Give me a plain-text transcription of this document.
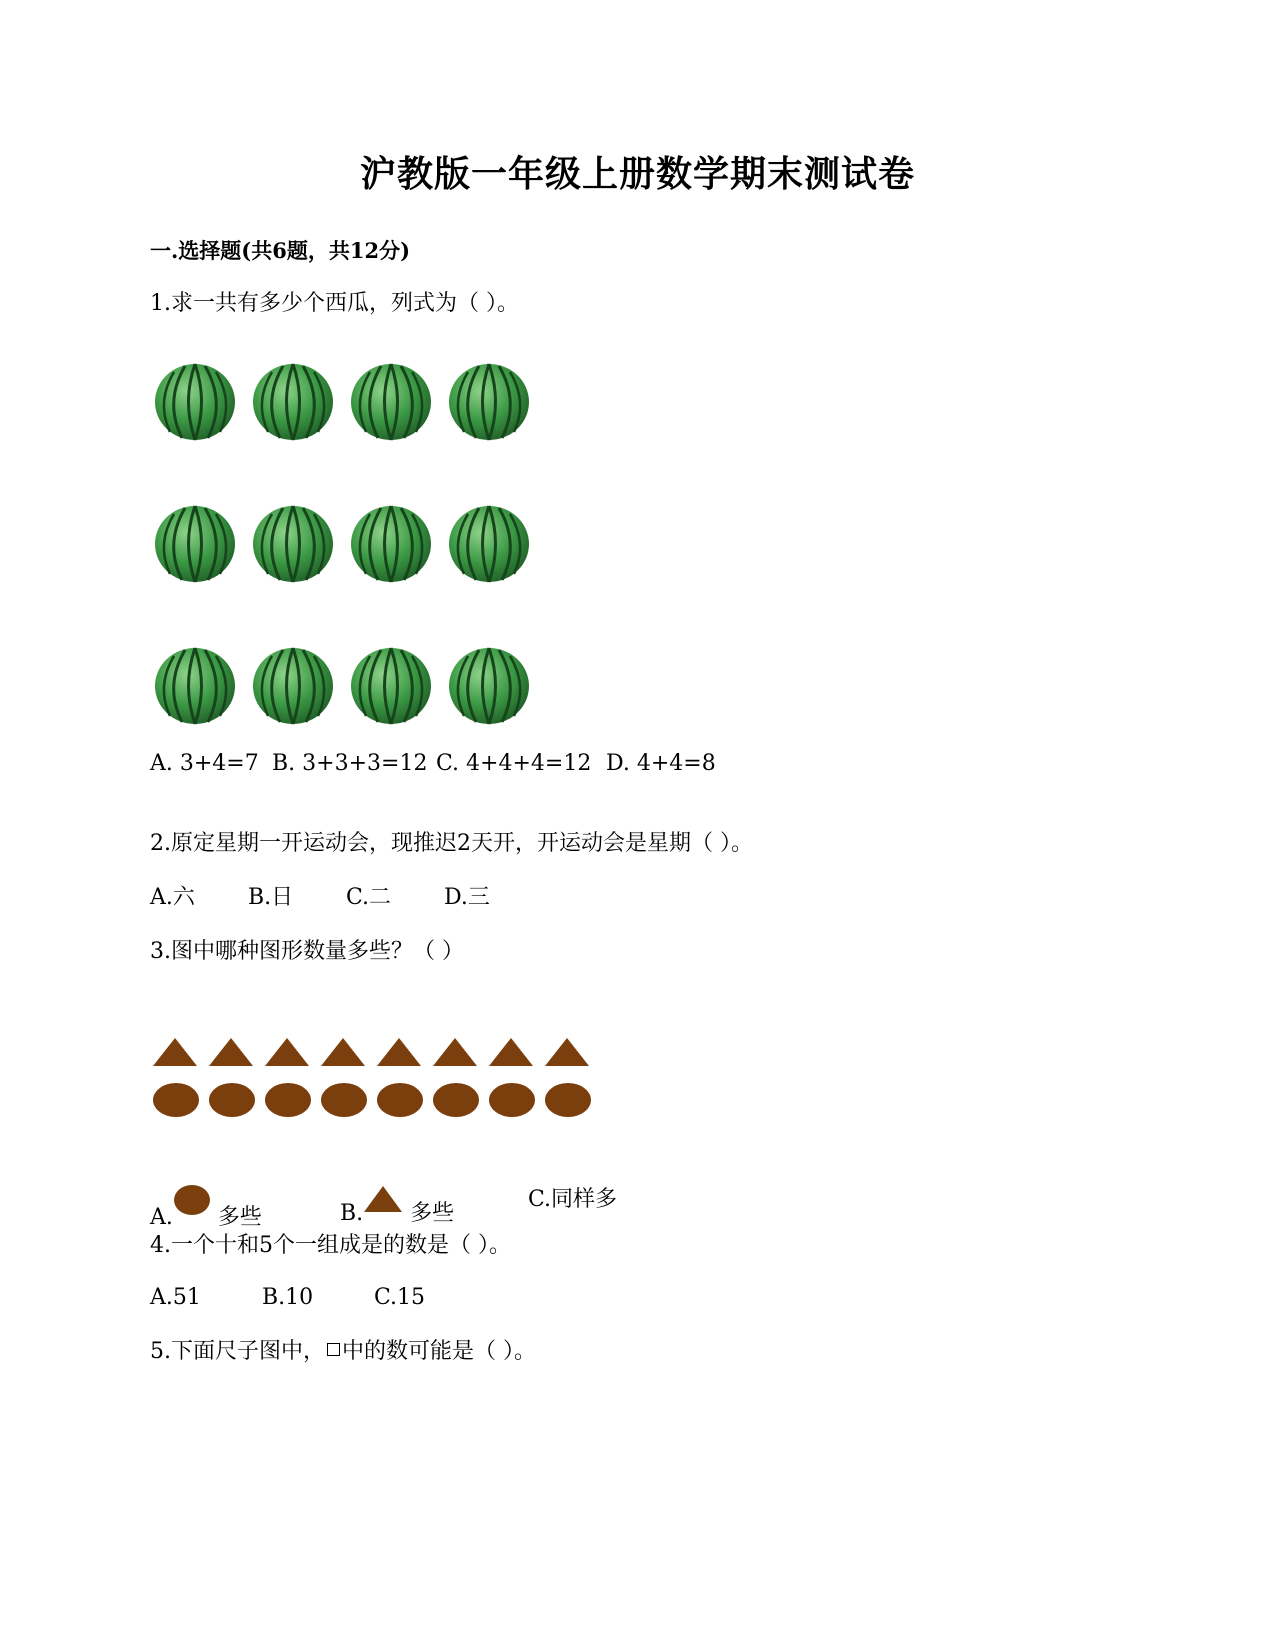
沪教版一年级上册数学期末测试卷
一.选择题(共6题，共12分)
1.求一共有多少个西瓜，列式为（ ）。
A. 3+4=7 B. 3+3+3=12 C. 4+4+4=12 D. 4+4=8
2.原定星期一开运动会，现推迟2天开，开运动会是星期（ ）。
A.六 B.日 C.二 D.三
3.图中哪种图形数量多些？（ ）
A. 多些	B. 多些
C.同样多
4.一个十和5个一组成是的数是（ ）。
A.51	B.10	C.15
5.下面尺子图中， 中的数可能是（ ）。
